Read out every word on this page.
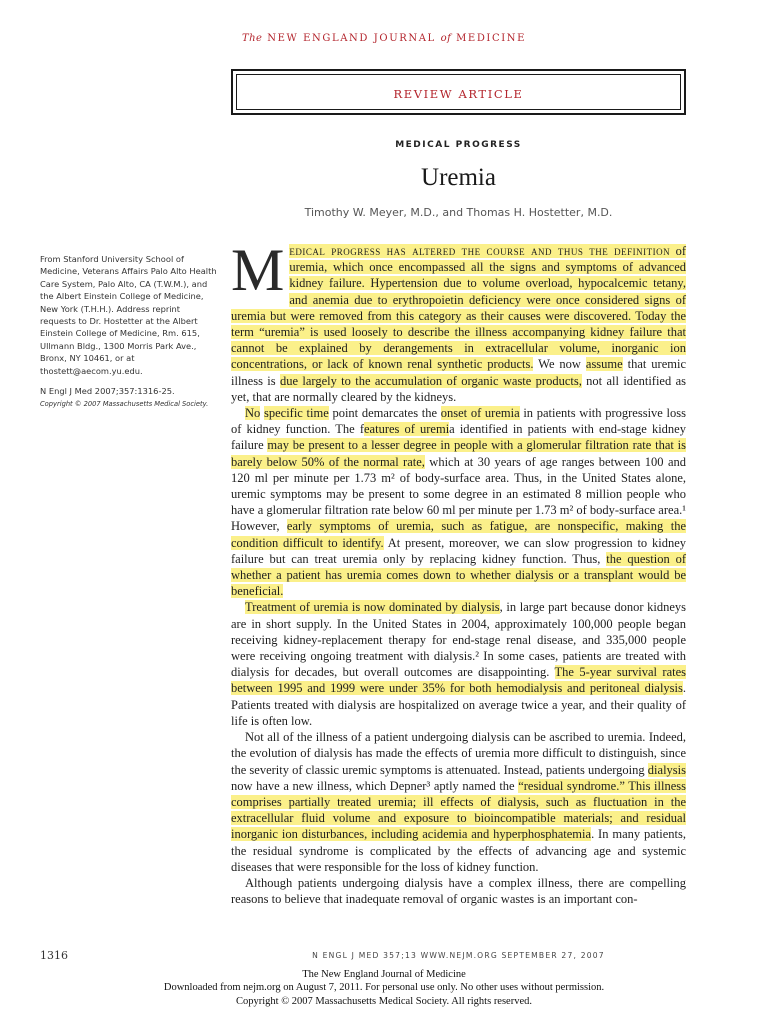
The NEW ENGLAND JOURNAL of MEDICINE
REVIEW ARTICLE
MEDICAL PROGRESS
Uremia
Timothy W. Meyer, M.D., and Thomas H. Hostetter, M.D.
From Stanford University School of Medicine, Veterans Affairs Palo Alto Health Care System, Palo Alto, CA (T.W.M.), and the Albert Einstein College of Medicine, New York (T.H.H.). Address reprint requests to Dr. Hostetter at the Albert Einstein College of Medicine, Rm. 615, Ullmann Bldg., 1300 Morris Park Ave., Bronx, NY 10461, or at thostett@aecom.yu.edu.
N Engl J Med 2007;357:1316-25.
Copyright © 2007 Massachusetts Medical Society.

Medical progress has altered the course and thus the definition of uremia, which once encompassed all the signs and symptoms of advanced kidney failure. Hypertension due to volume overload, hypocalcemic tetany, and anemia due to erythropoietin deficiency were once considered signs of uremia but were removed from this category as their causes were discovered. Today the term “uremia” is used loosely to describe the illness accompanying kidney failure that cannot be explained by derangements in extracellular volume, inorganic ion concentrations, or lack of known renal synthetic products. We now assume that uremic illness is due largely to the accumulation of organic waste products, not all identified as yet, that are normally cleared by the kidneys.

No specific time point demarcates the onset of uremia in patients with progressive loss of kidney function. The features of uremia identified in patients with end-stage kidney failure may be present to a lesser degree in people with a glomerular filtration rate that is barely below 50% of the normal rate, which at 30 years of age ranges between 100 and 120 ml per minute per 1.73 m² of body-surface area. Thus, in the United States alone, uremic symptoms may be present to some degree in an estimated 8 million people who have a glomerular filtration rate below 60 ml per minute per 1.73 m² of body-surface area.¹ However, early symptoms of uremia, such as fatigue, are nonspecific, making the condition difficult to identify. At present, moreover, we can slow progression to kidney failure but can treat uremia only by replacing kidney function. Thus, the question of whether a patient has uremia comes down to whether dialysis or a transplant would be beneficial.

Treatment of uremia is now dominated by dialysis, in large part because donor kidneys are in short supply. In the United States in 2004, approximately 100,000 people began receiving kidney-replacement therapy for end-stage renal disease, and 335,000 people were receiving ongoing treatment with dialysis.² In some cases, patients are treated with dialysis for decades, but overall outcomes are disappointing. The 5-year survival rates between 1995 and 1999 were under 35% for both hemodialysis and peritoneal dialysis. Patients treated with dialysis are hospitalized on average twice a year, and their quality of life is often low.

Not all of the illness of a patient undergoing dialysis can be ascribed to uremia. Indeed, the evolution of dialysis has made the effects of uremia more difficult to distinguish, since the severity of classic uremic symptoms is attenuated. Instead, patients undergoing dialysis now have a new illness, which Depner³ aptly named the “residual syndrome.” This illness comprises partially treated uremia; ill effects of dialysis, such as fluctuation in the extracellular fluid volume and exposure to bioincompatible materials; and residual inorganic ion disturbances, including acidemia and hyperphosphatemia. In many patients, the residual syndrome is complicated by the effects of advancing age and systemic diseases that were responsible for the loss of kidney function.

Although patients undergoing dialysis have a complex illness, there are compelling reasons to believe that inadequate removal of organic wastes is an important con-

1316	N ENGL J MED 357;13 WWW.NEJM.ORG SEPTEMBER 27, 2007
The New England Journal of Medicine
Downloaded from nejm.org on August 7, 2011. For personal use only. No other uses without permission.
Copyright © 2007 Massachusetts Medical Society. All rights reserved.
